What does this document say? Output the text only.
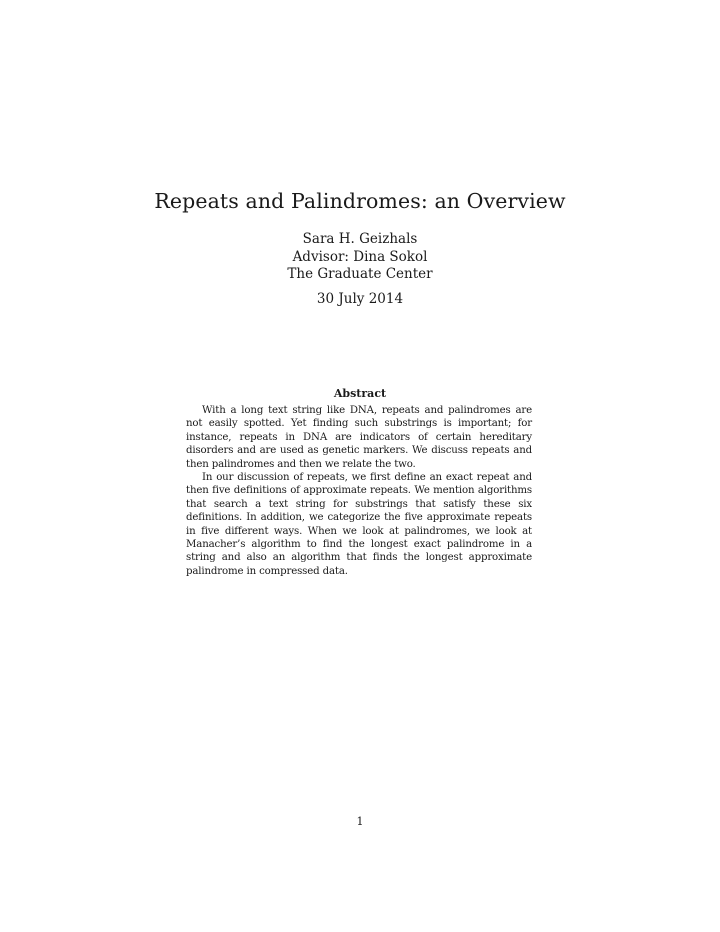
Repeats and Palindromes: an Overview
Sara H. Geizhals
Advisor: Dina Sokol
The Graduate Center
30 July 2014
Abstract

With a long text string like DNA, repeats and palindromes are not easily spotted. Yet finding such substrings is important; for instance, repeats in DNA are indicators of certain hereditary disorders and are used as genetic markers. We discuss repeats and then palindromes and then we relate the two.

In our discussion of repeats, we first define an exact repeat and then five definitions of approximate repeats. We mention algorithms that search a text string for substrings that satisfy these six definitions. In addition, we categorize the five approximate repeats in five different ways. When we look at palindromes, we look at Manacher’s algorithm to find the longest exact palindrome in a string and also an algorithm that finds the longest approximate palindrome in compressed data.

1
